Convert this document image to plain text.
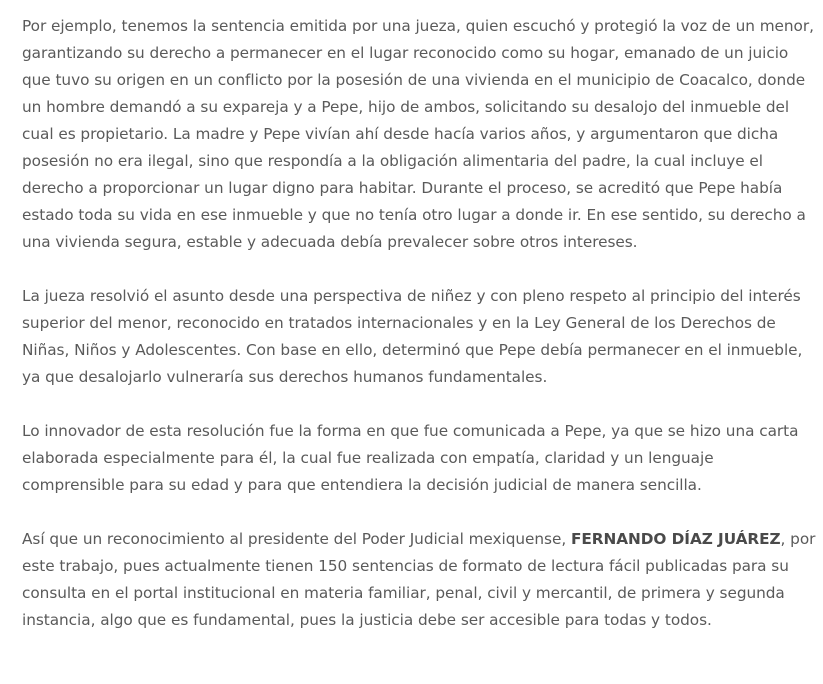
Por ejemplo, tenemos la sentencia emitida por una jueza, quien escuchó y protegió la voz de un menor, garantizando su derecho a permanecer en el lugar reconocido como su hogar, emanado de un juicio que tuvo su origen en un conflicto por la posesión de una vivienda en el municipio de Coacalco, donde un hombre demandó a su expareja y a Pepe, hijo de ambos, solicitando su desalojo del inmueble del cual es propietario. La madre y Pepe vivían ahí desde hacía varios años, y argumentaron que dicha posesión no era ilegal, sino que respondía a la obligación alimentaria del padre, la cual incluye el derecho a proporcionar un lugar digno para habitar. Durante el proceso, se acreditó que Pepe había estado toda su vida en ese inmueble y que no tenía otro lugar a donde ir. En ese sentido, su derecho a una vivienda segura, estable y adecuada debía prevalecer sobre otros intereses.

La jueza resolvió el asunto desde una perspectiva de niñez y con pleno respeto al principio del interés superior del menor, reconocido en tratados internacionales y en la Ley General de los Derechos de Niñas, Niños y Adolescentes. Con base en ello, determinó que Pepe debía permanecer en el inmueble, ya que desalojarlo vulneraría sus derechos humanos fundamentales.

Lo innovador de esta resolución fue la forma en que fue comunicada a Pepe, ya que se hizo una carta elaborada especialmente para él, la cual fue realizada con empatía, claridad y un lenguaje comprensible para su edad y para que entendiera la decisión judicial de manera sencilla.

Así que un reconocimiento al presidente del Poder Judicial mexiquense, FERNANDO DÍAZ JUÁREZ, por este trabajo, pues actualmente tienen 150 sentencias de formato de lectura fácil publicadas para su consulta en el portal institucional en materia familiar, penal, civil y mercantil, de primera y segunda instancia, algo que es fundamental, pues la justicia debe ser accesible para todas y todos.
